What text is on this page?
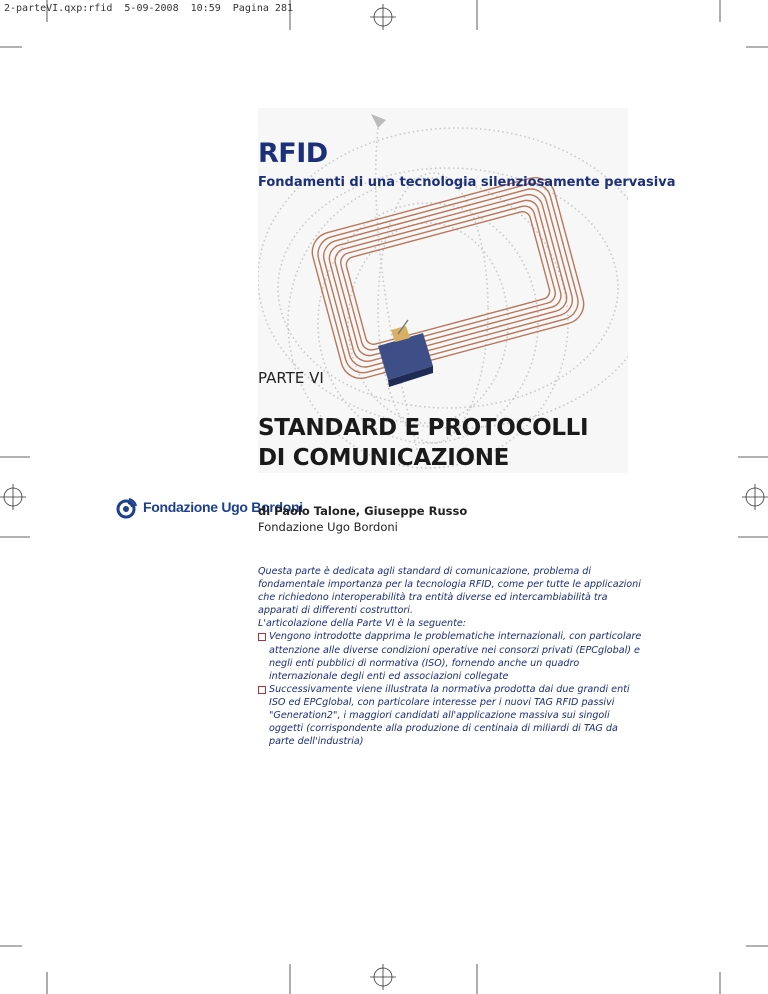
2-parteVI.qxp:rfid  5-09-2008  10:59  Pagina 281
RFID
Fondamenti di una tecnologia silenziosamente pervasiva
PARTE VI
STANDARD E PROTOCOLLI
DI COMUNICAZIONE
Fondazione Ugo Bordoni
di Paolo Talone, Giuseppe Russo
Fondazione Ugo Bordoni

Questa parte è dedicata agli standard di comunicazione, problema di fondamentale importanza per la tecnologia RFID, come per tutte le applicazioni che richiedono interoperabilità tra entità diverse ed intercambiabilità tra apparati di differenti costruttori.

L'articolazione della Parte VI è la seguente:

Vengono introdotte dapprima le problematiche internazionali, con particolare attenzione alle diverse condizioni operative nei consorzi privati (EPCglobal) e negli enti pubblici di normativa (ISO), fornendo anche un quadro internazionale degli enti ed associazioni collegate

Successivamente viene illustrata la normativa prodotta dai due grandi enti ISO ed EPCglobal, con particolare interesse per i nuovi TAG RFID passivi "Generation2", i maggiori candidati all'applicazione massiva sui singoli oggetti (corrispondente alla produzione di centinaia di miliardi di TAG da parte dell'industria)
